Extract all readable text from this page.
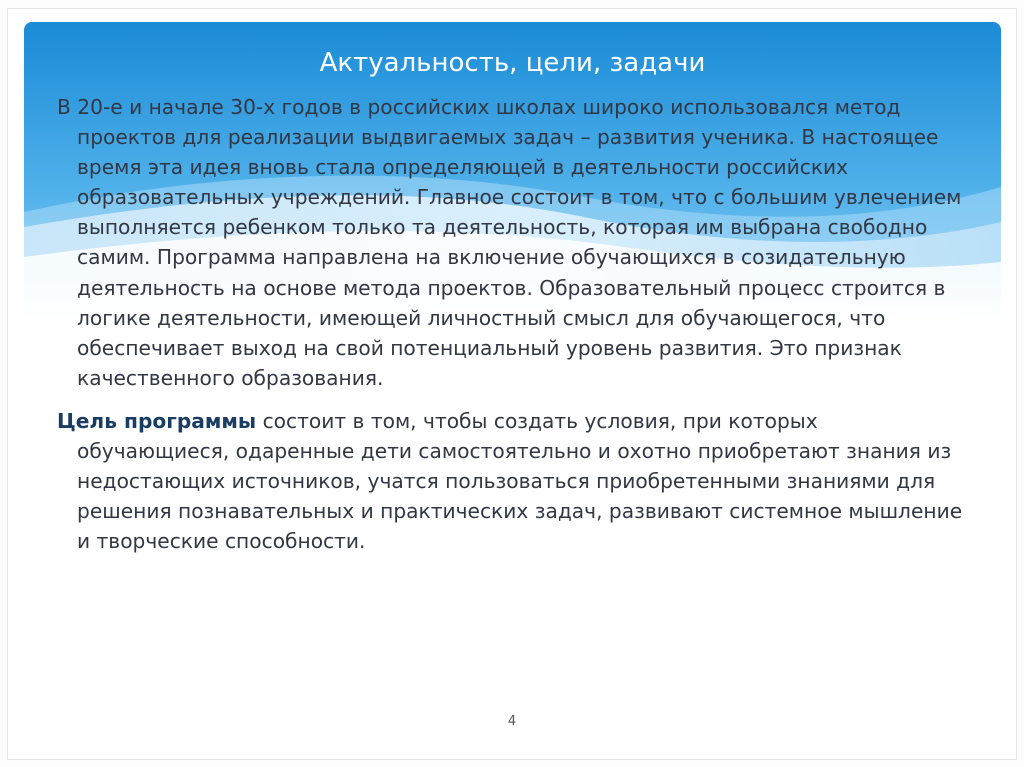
Актуальность, цели, задачи

В 20-е и начале 30-х годов в российских школах широко использовался метод проектов для реализации выдвигаемых задач – развития ученика. В настоящее время эта идея вновь стала определяющей в деятельности российских образовательных учреждений. Главное состоит в том, что с большим увлечением выполняется ребенком только та деятельность, которая им выбрана свободно самим. Программа направлена на включение обучающихся в созидательную деятельность на основе метода проектов. Образовательный процесс строится в логике деятельности, имеющей личностный смысл для обучающегося, что обеспечивает выход на свой потенциальный уровень развития. Это признак качественного образования.

Цель программы состоит в том, чтобы создать условия, при которых обучающиеся, одаренные дети самостоятельно и охотно приобретают знания из недостающих источников, учатся пользоваться приобретенными знаниями для решения познавательных и практических задач, развивают системное мышление и творческие способности.

4
